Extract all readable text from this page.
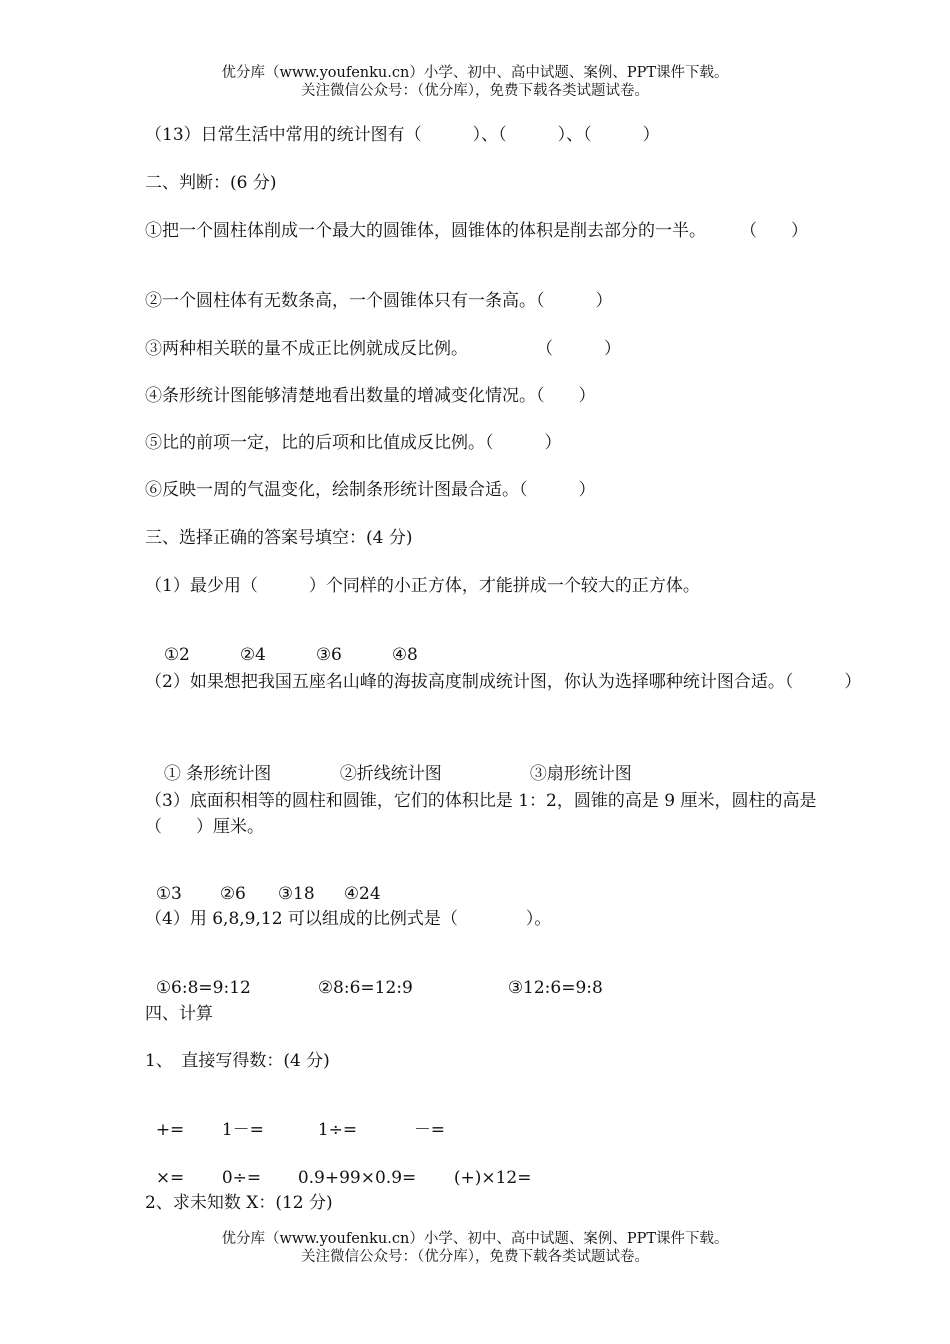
优分库（www.youfenku.cn）小学、初中、高中试题、案例、PPT课件下载。
关注微信公众号：（优分库），免费下载各类试题试卷。
（13）日常生活中常用的统计图有（　　　）、（　　　）、（　　　）
二、判断：(6 分)
①把一个圆柱体削成一个最大的圆锥体，圆锥体的体积是削去部分的一半。　　　（　　）
②一个圆柱体有无数条高，一个圆锥体只有一条高。（　　　）
③两种相关联的量不成正比例就成反比例。　　　　　（　　　）
④条形统计图能够清楚地看出数量的增减变化情况。（　　）
⑤比的前项一定，比的后项和比值成反比例。（　　　）
⑥反映一周的气温变化，绘制条形统计图最合适。（　　　）
三、选择正确的答案号填空：(4 分)
（1）最少用（　　　）个同样的小正方体，才能拼成一个较大的正方体。

①2	②4	③6	④8

（2）如果想把我国五座名山峰的海拔高度制成统计图，你认为选择哪种统计图合适。（　　　）

① 条形统计图	②折线统计图	③扇形统计图

（3）底面积相等的圆柱和圆锥，它们的体积比是 1：2，圆锥的高是 9 厘米，圆柱的高是（　　）厘米。

①3 ②6 ③18 ④24

（4）用 6,8,9,12 可以组成的比例式是（　　　　）。

①6:8=9:12	②8:6=12:9	③12:6=9:8

四、计算
1、　直接写得数：(4 分)

+= 1－=	1÷=	－=

×= 0÷= 0.9+99×0.9= (+)×12=

2、求未知数 X：(12 分)
优分库（www.youfenku.cn）小学、初中、高中试题、案例、PPT课件下载。
关注微信公众号：（优分库），免费下载各类试题试卷。
